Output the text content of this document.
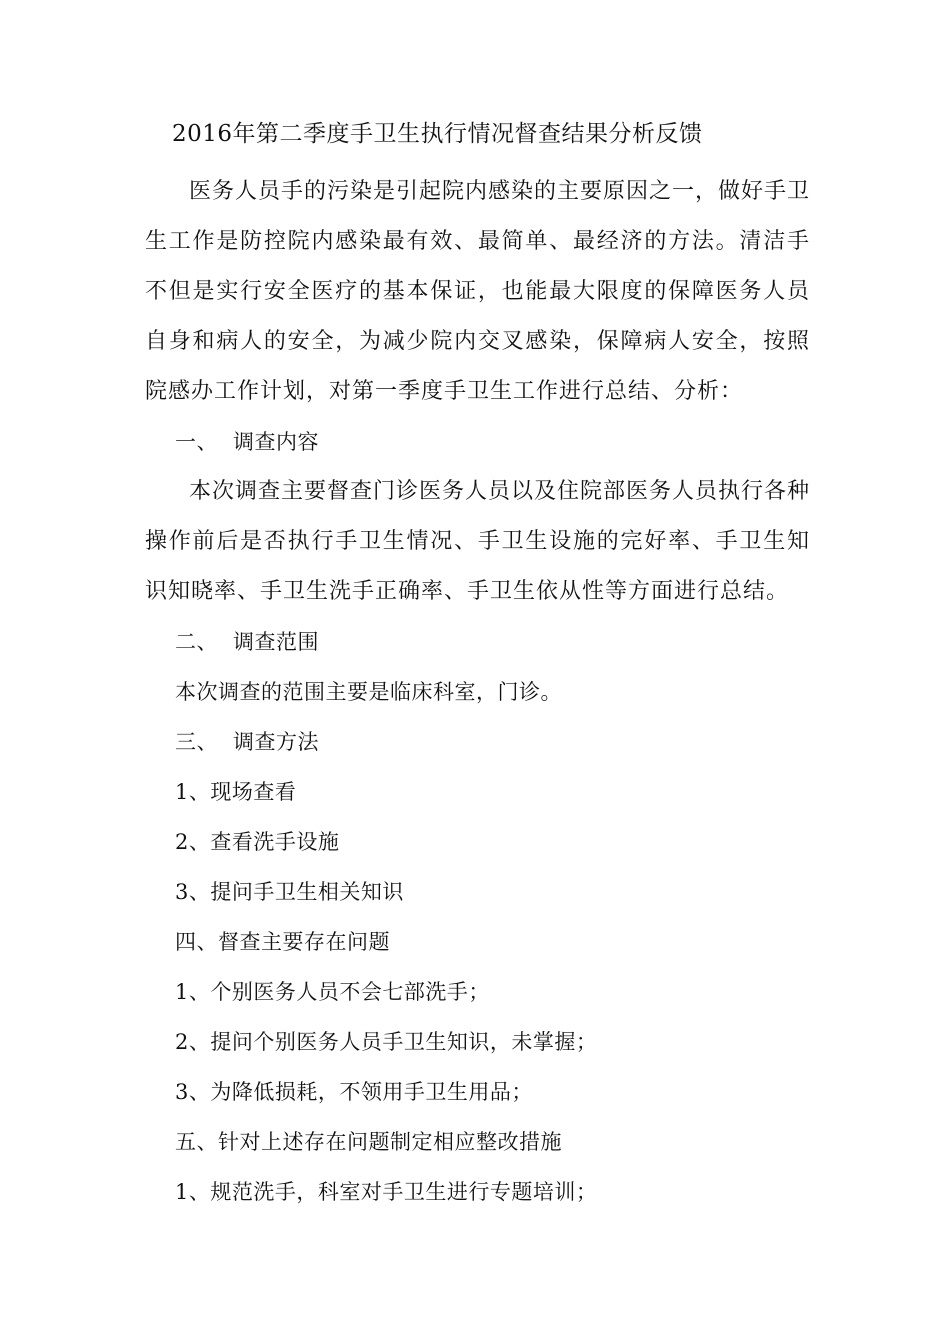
2016年第二季度手卫生执行情况督查结果分析反馈

医务人员手的污染是引起院内感染的主要原因之一，做好手卫生工作是防控院内感染最有效、最简单、最经济的方法。清洁手不但是实行安全医疗的基本保证，也能最大限度的保障医务人员自身和病人的安全，为减少院内交叉感染，保障病人安全，按照院感办工作计划，对第一季度手卫生工作进行总结、分析：

一、 调查内容

本次调查主要督查门诊医务人员以及住院部医务人员执行各种操作前后是否执行手卫生情况、手卫生设施的完好率、手卫生知识知晓率、手卫生洗手正确率、手卫生依从性等方面进行总结。

二、 调查范围
本次调查的范围主要是临床科室，门诊。
三、 调查方法
1、现场查看
2、查看洗手设施
3、提问手卫生相关知识
四、督查主要存在问题
1、个别医务人员不会七部洗手；
2、提问个别医务人员手卫生知识，未掌握；
3、为降低损耗，不领用手卫生用品；
五、针对上述存在问题制定相应整改措施
1、规范洗手，科室对手卫生进行专题培训；
